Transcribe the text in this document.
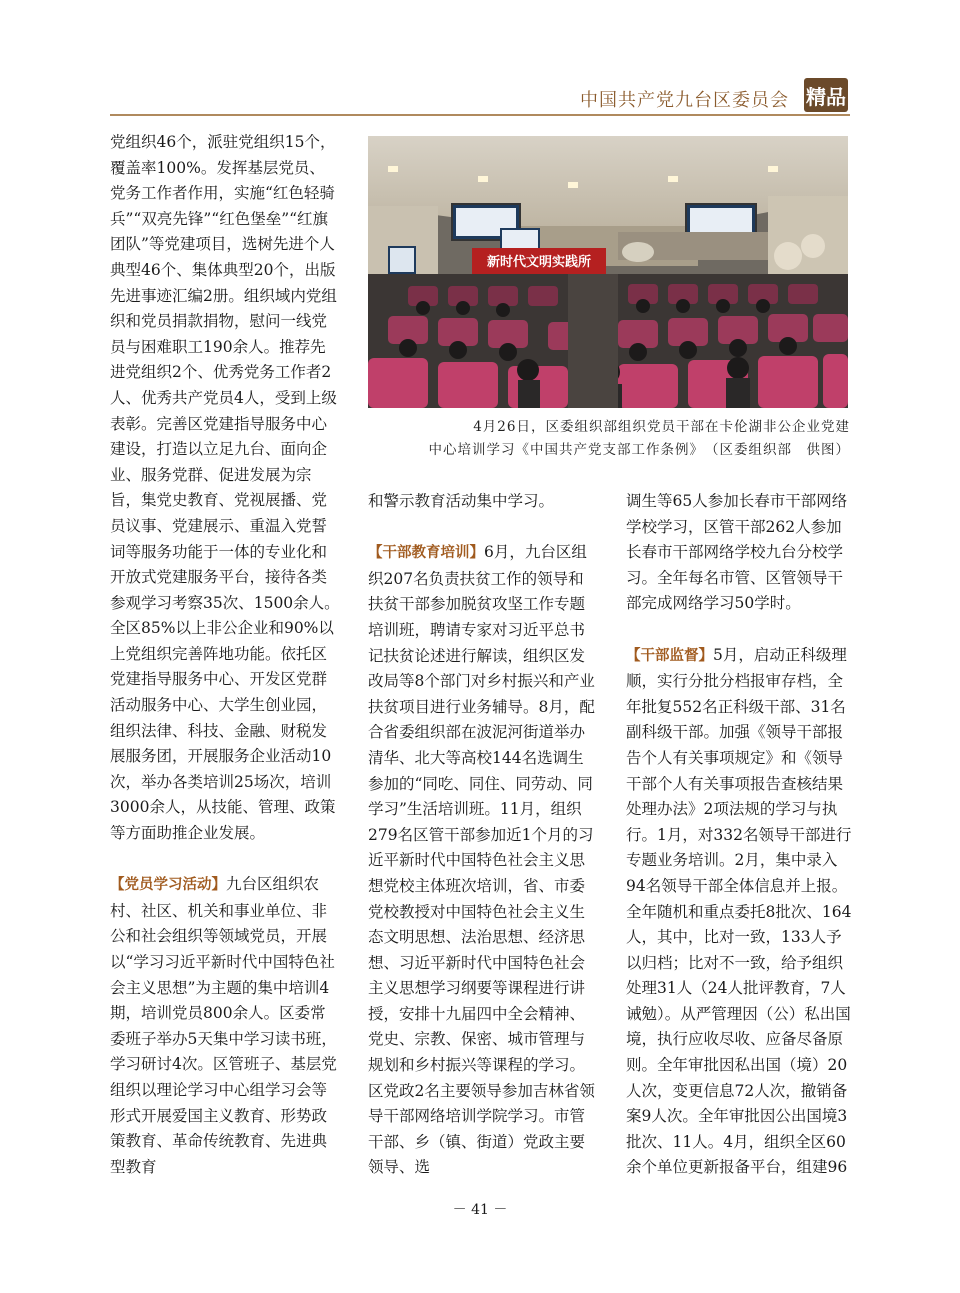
中国共产党九台区委员会 精品

党组织46个，派驻党组织15个，覆盖率100%。发挥基层党员、党务工作者作用，实施“红色轻骑兵”“双亮先锋”“红色堡垒”“红旗团队”等党建项目，选树先进个人典型46个、集体典型20个，出版先进事迹汇编2册。组织域内党组织和党员捐款捐物，慰问一线党员与困难职工190余人。推荐先进党组织2个、优秀党务工作者2人、优秀共产党员4人，受到上级表彰。完善区党建指导服务中心建设，打造以立足九台、面向企业、服务党群、促进发展为宗旨，集党史教育、党视展播、党员议事、党建展示、重温入党誓词等服务功能于一体的专业化和开放式党建服务平台，接待各类参观学习考察35次、1500余人。全区85%以上非公企业和90%以上党组织完善阵地功能。依托区党建指导服务中心、开发区党群活动服务中心、大学生创业园，组织法律、科技、金融、财税发展服务团，开展服务企业活动10次，举办各类培训25场次，培训3000余人，从技能、管理、政策等方面助推企业发展。

【党员学习活动】九台区组织农村、社区、机关和事业单位、非公和社会组织等领域党员，开展以“学习习近平新时代中国特色社会主义思想”为主题的集中培训4期，培训党员800余人。区委常委班子举办5天集中学习读书班，学习研讨4次。区管班子、基层党组织以理论学习中心组学习会等形式开展爱国主义教育、形势政策教育、革命传统教育、先进典型教育

新时代文明实践所

4月26日，区委组织部组织党员干部在卡伦湖非公企业党建

中心培训学习《中国共产党支部工作条例》　（区委组织部　供图）

和警示教育活动集中学习。

【干部教育培训】6月，九台区组织207名负责扶贫工作的领导和扶贫干部参加脱贫攻坚工作专题培训班，聘请专家对习近平总书记扶贫论述进行解读，组织区发改局等8个部门对乡村振兴和产业扶贫项目进行业务辅导。8月，配合省委组织部在波泥河街道举办清华、北大等高校144名选调生参加的“同吃、同住、同劳动、同学习”生活培训班。11月，组织279名区管干部参加近1个月的习近平新时代中国特色社会主义思想党校主体班次培训，省、市委党校教授对中国特色社会主义生态文明思想、法治思想、经济思想、习近平新时代中国特色社会主义思想学习纲要等课程进行讲授，安排十九届四中全会精神、党史、宗教、保密、城市管理与规划和乡村振兴等课程的学习。区党政2名主要领导参加吉林省领导干部网络培训学院学习。市管干部、乡（镇、街道）党政主要领导、选

调生等65人参加长春市干部网络学校学习，区管干部262人参加长春市干部网络学校九台分校学习。全年每名市管、区管领导干部完成网络学习50学时。

【干部监督】5月，启动正科级理顺，实行分批分档报审存档，全年批复552名正科级干部、31名副科级干部。加强《领导干部报告个人有关事项规定》和《领导干部个人有关事项报告查核结果处理办法》2项法规的学习与执行。1月，对332名领导干部进行专题业务培训。2月，集中录入94名领导干部全体信息并上报。全年随机和重点委托8批次、164人，其中，比对一致，133人予以归档；比对不一致，给予组织处理31人（24人批评教育，7人诫勉）。从严管理因（公）私出国境，执行应收尽收、应备尽备原则。全年审批因私出国（境）20人次，变更信息72人次，撤销备案9人次。全年审批因公出国境3批次、11人。4月，组织全区60余个单位更新报备平台，组建96

－ 41 －
